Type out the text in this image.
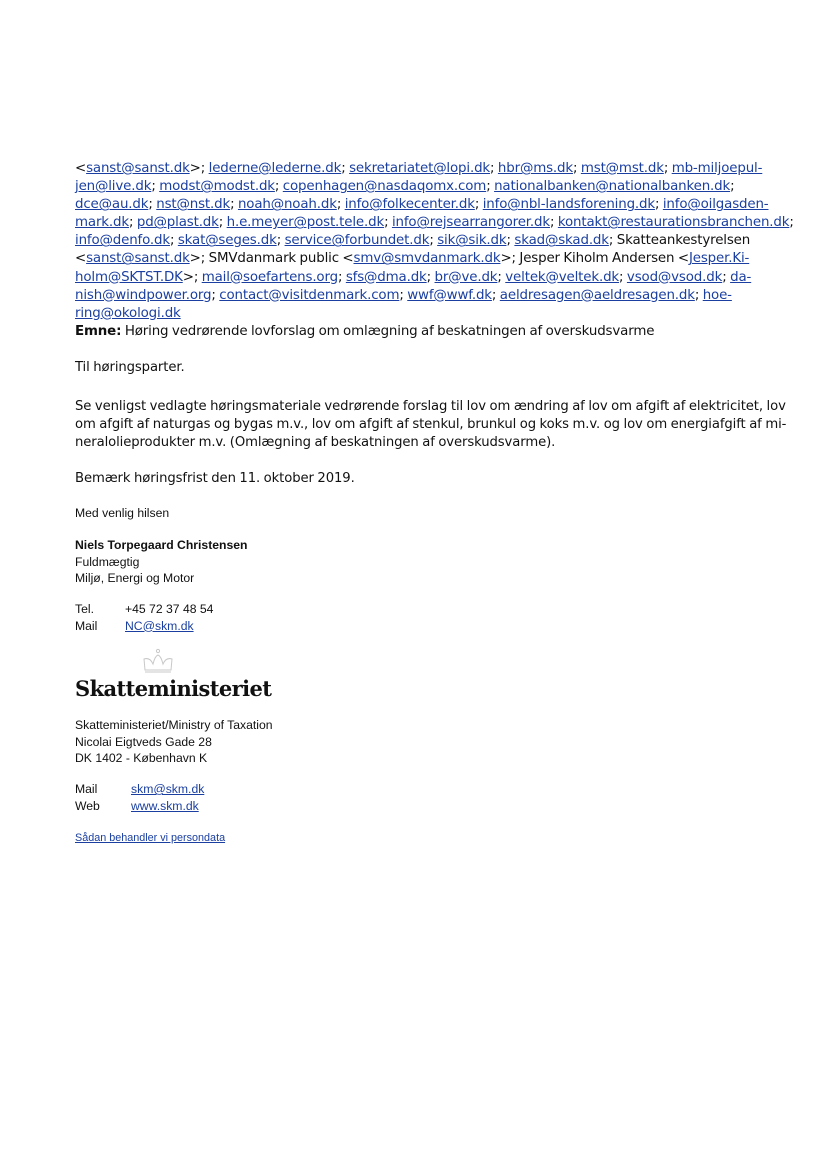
<sanst@sanst.dk>; lederne@lederne.dk; sekretariatet@lopi.dk; hbr@ms.dk; mst@mst.dk; mb-miljoepul-
jen@live.dk; modst@modst.dk; copenhagen@nasdaqomx.com; nationalbanken@nationalbanken.dk;
dce@au.dk; nst@nst.dk; noah@noah.dk; info@folkecenter.dk; info@nbl-landsforening.dk; info@oilgasden-
mark.dk; pd@plast.dk; h.e.meyer@post.tele.dk; info@rejsearrangorer.dk; kontakt@restaurationsbranchen.dk;
info@denfo.dk; skat@seges.dk; service@forbundet.dk; sik@sik.dk; skad@skad.dk; Skatteankestyrelsen
<sanst@sanst.dk>; SMVdanmark public <smv@smvdanmark.dk>; Jesper Kiholm Andersen <Jesper.Ki-
holm@SKTST.DK>; mail@soefartens.org; sfs@dma.dk; br@ve.dk; veltek@veltek.dk; vsod@vsod.dk; da-
nish@windpower.org; contact@visitdenmark.com; wwf@wwf.dk; aeldresagen@aeldresagen.dk; hoe-
ring@okologi.dk
Emne: Høring vedrørende lovforslag om omlægning af beskatningen af overskudsvarme
Til høringsparter.
Se venligst vedlagte høringsmateriale vedrørende forslag til lov om ændring af lov om afgift af elektricitet, lov
om afgift af naturgas og bygas m.v., lov om afgift af stenkul, brunkul og koks m.v. og lov om energiafgift af mi-
neralolieprodukter m.v. (Omlægning af beskatningen af overskudsvarme).
Bemærk høringsfrist den 11. oktober 2019.
Med venlig hilsen
Niels Torpegaard Christensen
Fuldmægtig
Miljø, Energi og Motor
Tel.	+45 72 37 48 54
Mail	NC@skm.dk
Skatteministeriet
Skatteministeriet/Ministry of Taxation
Nicolai Eigtveds Gade 28
DK 1402 - København K
Mail	skm@skm.dk
Web	www.skm.dk
Sådan behandler vi persondata
